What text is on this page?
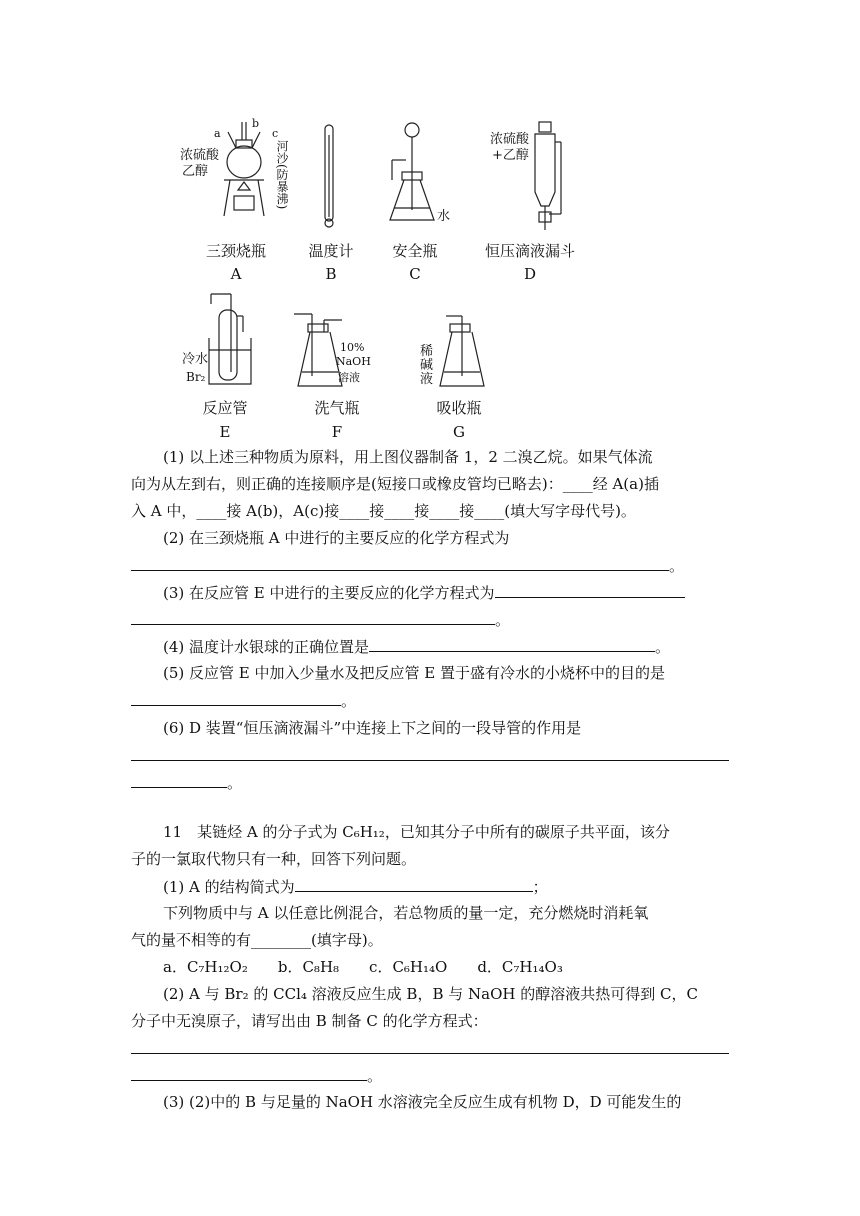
a
b
c
浓硫酸
乙醇	河沙(防暴沸)
水
浓硫酸
+乙醇
三颈烧瓶
A
温度计
B
安全瓶
C
恒压滴液漏斗
D
冷水
Br₂
10%
NaOH
溶液
稀
碱
液
反应管
E
洗气瓶
F
吸收瓶
G
(1) 以上述三种物质为原料，用上图仪器制备 1，2 二溴乙烷。如果气体流
向为从左到右，则正确的连接顺序是(短接口或橡皮管均已略去)：____经 A(a)插
入 A 中，____接 A(b)，A(c)接____接____接____接____(填大写字母代号)。
(2) 在三颈烧瓶 A 中进行的主要反应的化学方程式为
。
(3) 在反应管 E 中进行的主要反应的化学方程式为
。
(4) 温度计水银球的正确位置是	。
(5) 反应管 E 中加入少量水及把反应管 E 置于盛有冷水的小烧杯中的目的是
。
(6) D 装置“恒压滴液漏斗”中连接上下之间的一段导管的作用是
。
11　某链烃 A 的分子式为 C₆H₁₂，已知其分子中所有的碳原子共平面，该分
子的一氯取代物只有一种，回答下列问题。
(1) A 的结构简式为	；
下列物质中与 A 以任意比例混合，若总物质的量一定，充分燃烧时消耗氧
气的量不相等的有________(填字母)。
a．C₇H₁₂O₂　　b．C₈H₈　　c．C₆H₁₄O　　d．C₇H₁₄O₃
(2) A 与 Br₂ 的 CCl₄ 溶液反应生成 B，B 与 NaOH 的醇溶液共热可得到 C，C
分子中无溴原子，请写出由 B 制备 C 的化学方程式：
。
(3) (2)中的 B 与足量的 NaOH 水溶液完全反应生成有机物 D，D 可能发生的
